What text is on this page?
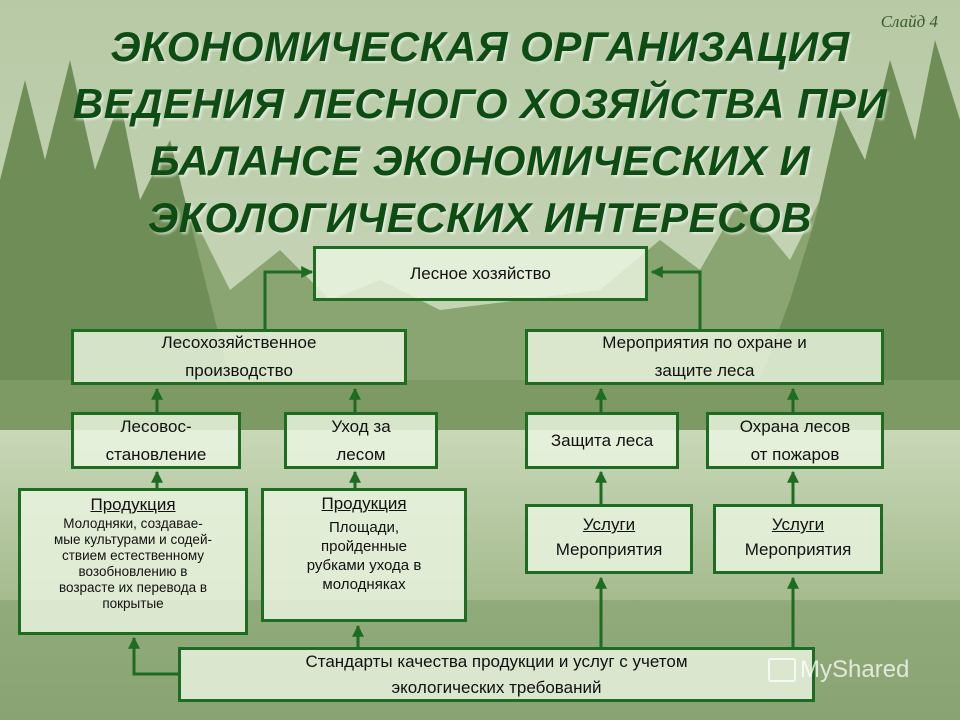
Слайд 4
ЭКОНОМИЧЕСКАЯ ОРГАНИЗАЦИЯ
ВЕДЕНИЯ ЛЕСНОГО ХОЗЯЙСТВА ПРИ
БАЛАНСЕ ЭКОНОМИЧЕСКИХ И
ЭКОЛОГИЧЕСКИХ ИНТЕРЕСОВ
Лесное хозяйство
Лесохозяйственное
производство
Мероприятия по охране и
защите леса
Лесовос-
становление
Уход за
лесом
Защита леса
Охрана лесов
от пожаров
Продукция
Молодняки, создавае-
мые культурами и содей-
ствием естественному
возобновлению в
возрасте их перевода в
покрытые
Продукция
Площади,
пройденные
рубками ухода в
молодняках
Услуги
Мероприятия
Услуги
Мероприятия
Стандарты качества продукции и услуг с учетом
экологических требований
MyShared
